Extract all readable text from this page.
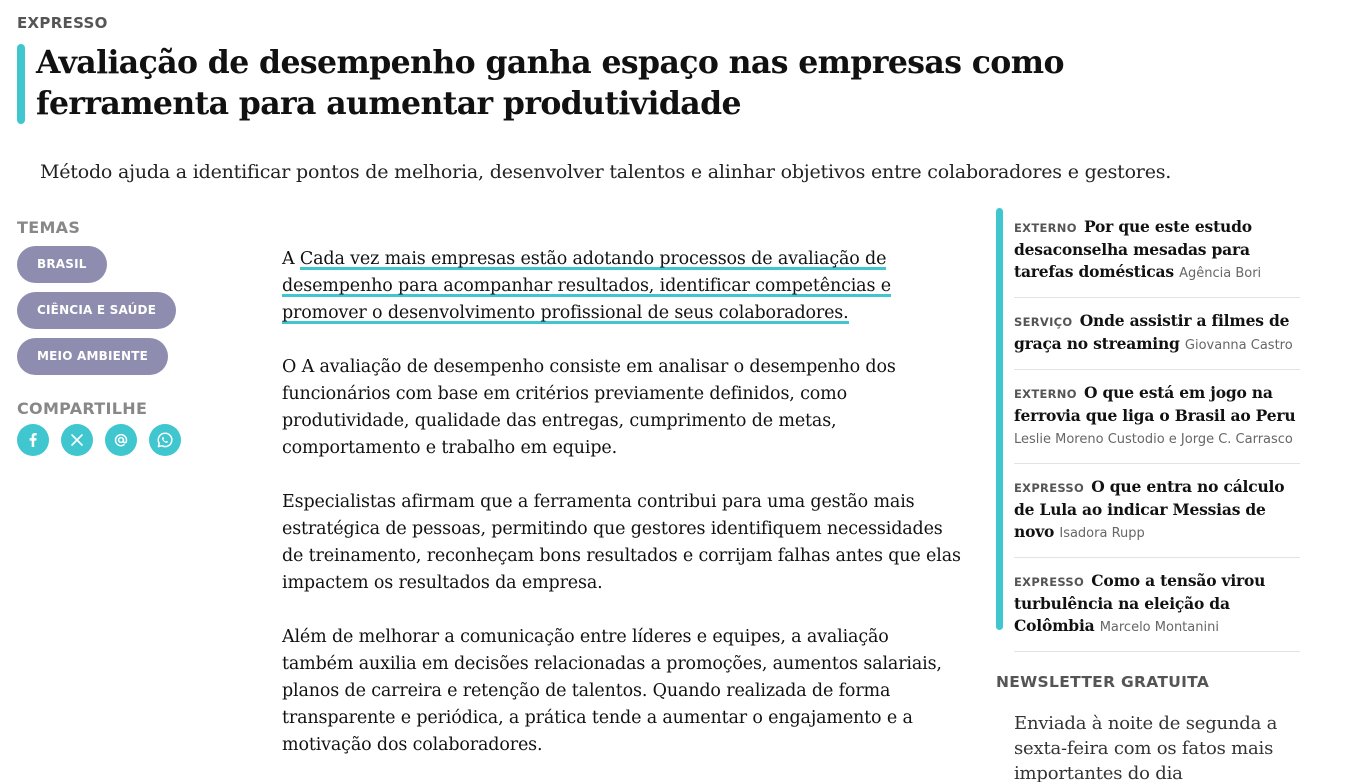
EXPRESSO
Avaliação de desempenho ganha espaço nas empresas como ferramenta para aumentar produtividade

Método ajuda a identificar pontos de melhoria, desenvolver talentos e alinhar objetivos entre colaboradores e gestores.

TEMAS
BRASIL
CIÊNCIA E SAÚDE
MEIO AMBIENTE
COMPARTILHE

A Cada vez mais empresas estão adotando processos de avaliação de desempenho para acompanhar resultados, identificar competências e promover o desenvolvimento profissional de seus colaboradores.

O A avaliação de desempenho consiste em analisar o desempenho dos funcionários com base em critérios previamente definidos, como produtividade, qualidade das entregas, cumprimento de metas, comportamento e trabalho em equipe.

Especialistas afirmam que a ferramenta contribui para uma gestão mais estratégica de pessoas, permitindo que gestores identifiquem necessidades de treinamento, reconheçam bons resultados e corrijam falhas antes que elas impactem os resultados da empresa.

Além de melhorar a comunicação entre líderes e equipes, a avaliação também auxilia em decisões relacionadas a promoções, aumentos salariais, planos de carreira e retenção de talentos. Quando realizada de forma transparente e periódica, a prática tende a aumentar o engajamento e a motivação dos colaboradores.

EXTERNO Por que este estudo desaconselha mesadas para tarefas domésticas Agência Bori
SERVIÇO Onde assistir a filmes de graça no streaming Giovanna Castro
EXTERNO O que está em jogo na ferrovia que liga o Brasil ao Peru Leslie Moreno Custodio e Jorge C. Carrasco
EXPRESSO O que entra no cálculo de Lula ao indicar Messias de novo Isadora Rupp
EXPRESSO Como a tensão virou turbulência na eleição da Colômbia Marcelo Montanini
NEWSLETTER GRATUITA
Enviada à noite de segunda a sexta-feira com os fatos mais importantes do dia
